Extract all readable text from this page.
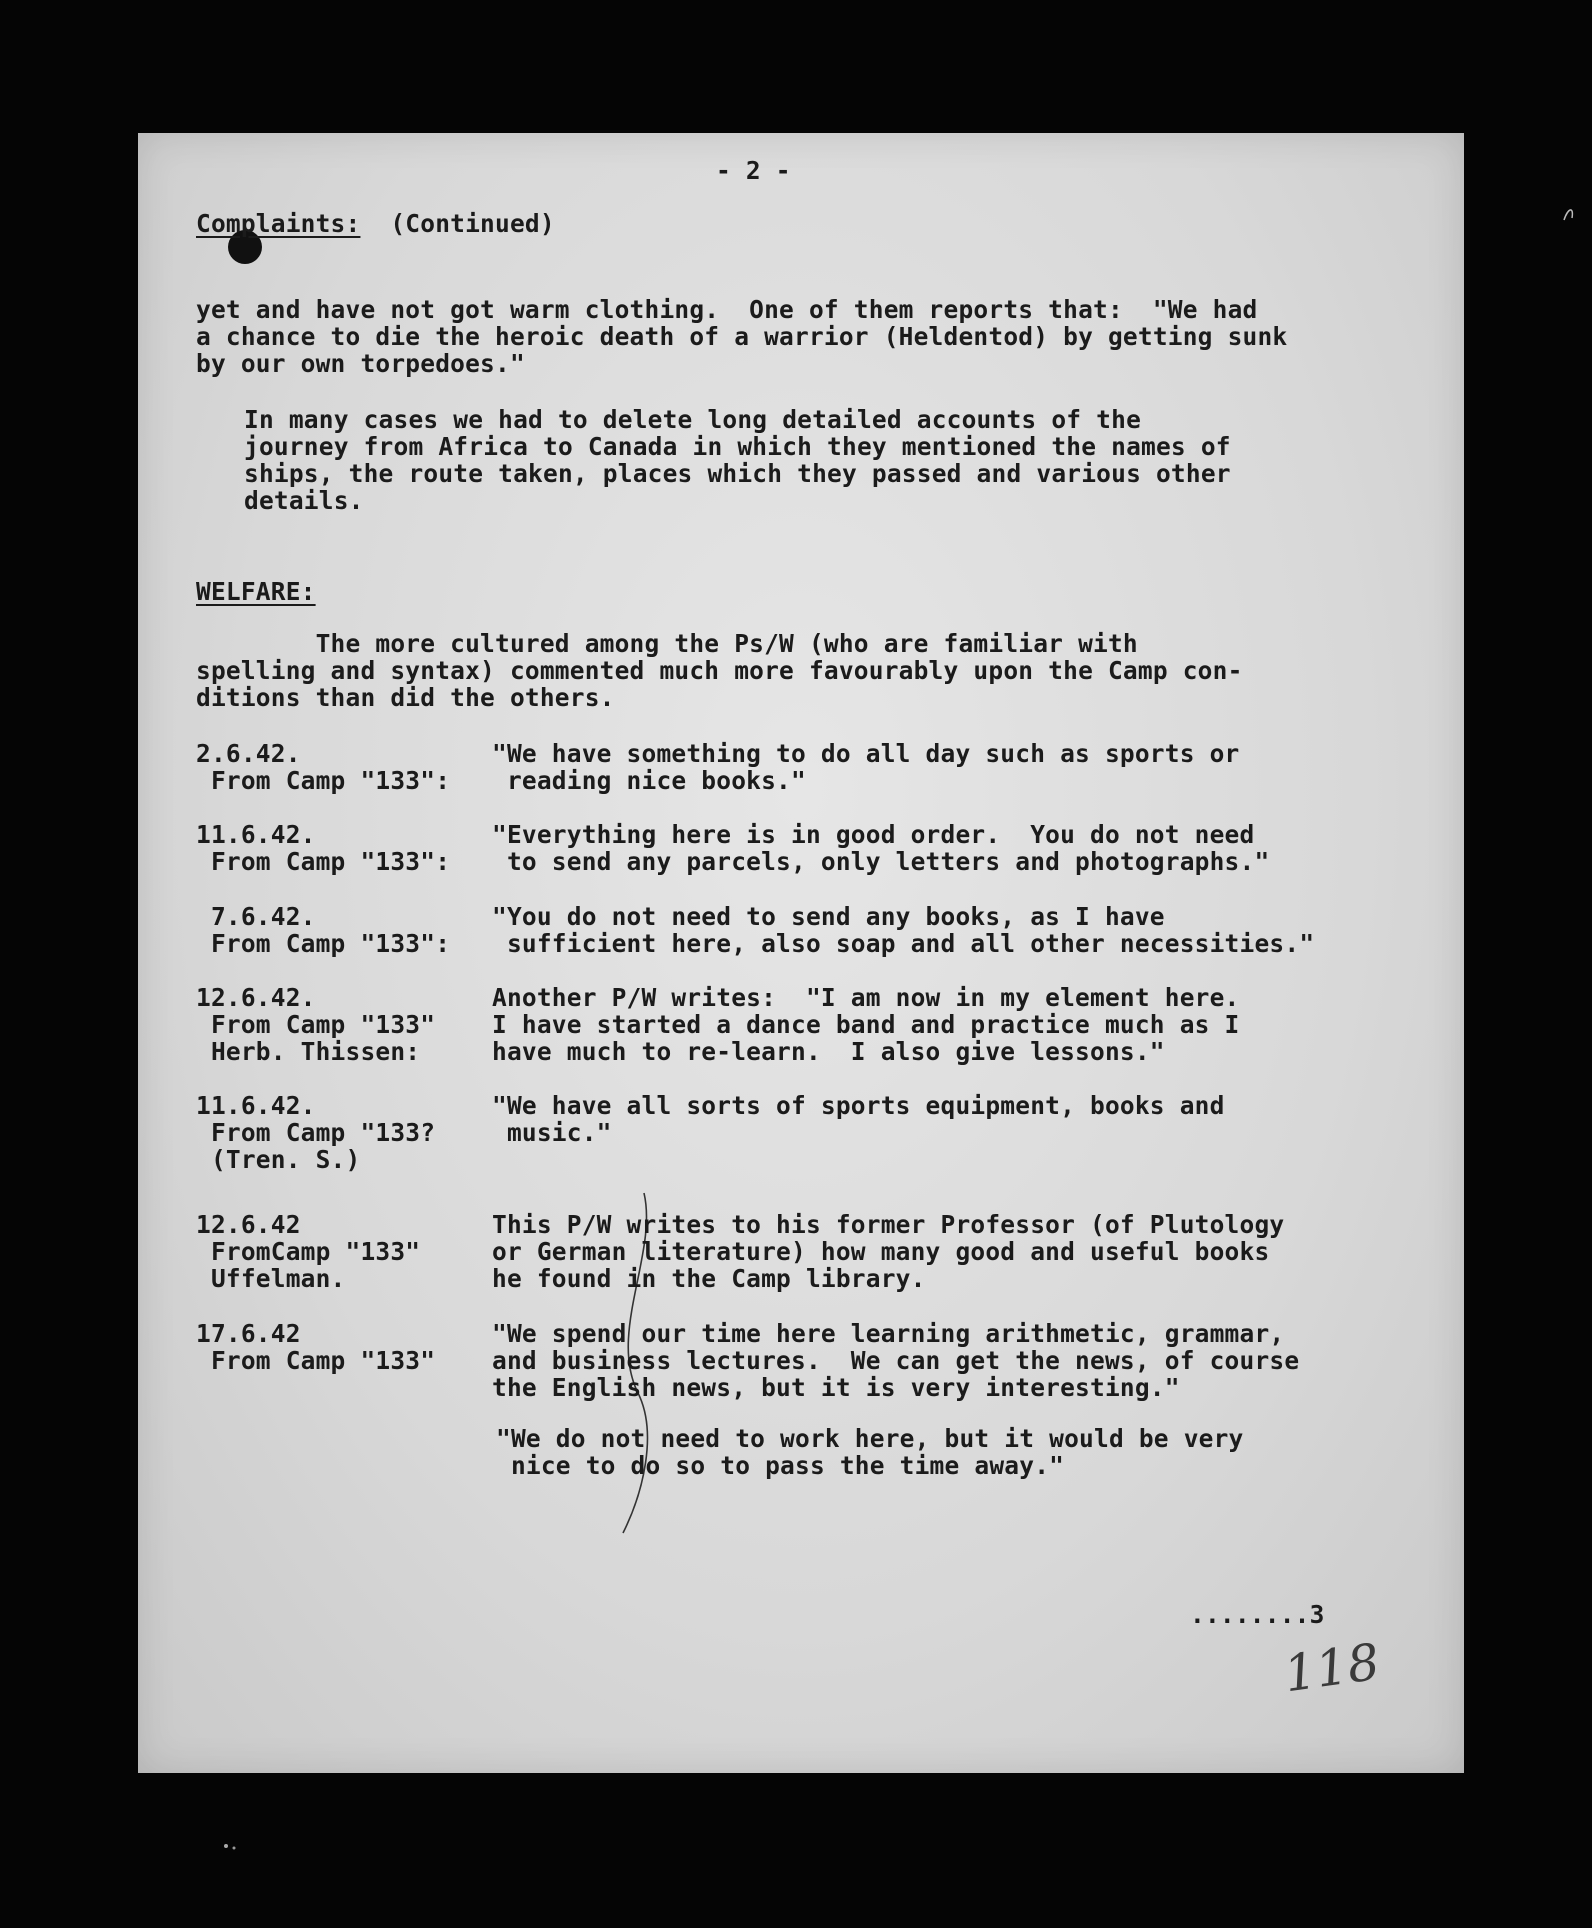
- 2 -
Complaints: (Continued)
yet and have not got warm clothing.  One of them reports that:  "We had
a chance to die the heroic death of a warrior (Heldentod) by getting sunk
by our own torpedoes."
In many cases we had to delete long detailed accounts of the
journey from Africa to Canada in which they mentioned the names of
ships, the route taken, places which they passed and various other
details.
WELFARE:
The more cultured among the Ps/W (who are familiar with
spelling and syntax) commented much more favourably upon the Camp con-
ditions than did the others.
2.6.42.
From Camp "133":
"We have something to do all day such as sports or
reading nice books."
11.6.42.
From Camp "133":
"Everything here is in good order.  You do not need
to send any parcels, only letters and photographs."
7.6.42.
From Camp "133":
"You do not need to send any books, as I have
sufficient here, also soap and all other necessities."
12.6.42.
From Camp "133"
Herb. Thissen:
Another P/W writes:  "I am now in my element here.
I have started a dance band and practice much as I
have much to re-learn.  I also give lessons."
11.6.42.
From Camp "133?
(Tren. S.)
"We have all sorts of sports equipment, books and
music."
12.6.42
FromCamp "133"
Uffelman.
This P/W writes to his former Professor (of Plutology
or German literature) how many good and useful books
he found in the Camp library.
17.6.42
From Camp "133"
"We spend our time here learning arithmetic, grammar,
and business lectures.  We can get the news, of course
the English news, but it is very interesting."
"We do not need to work here, but it would be very
nice to do so to pass the time away."
........3
118
